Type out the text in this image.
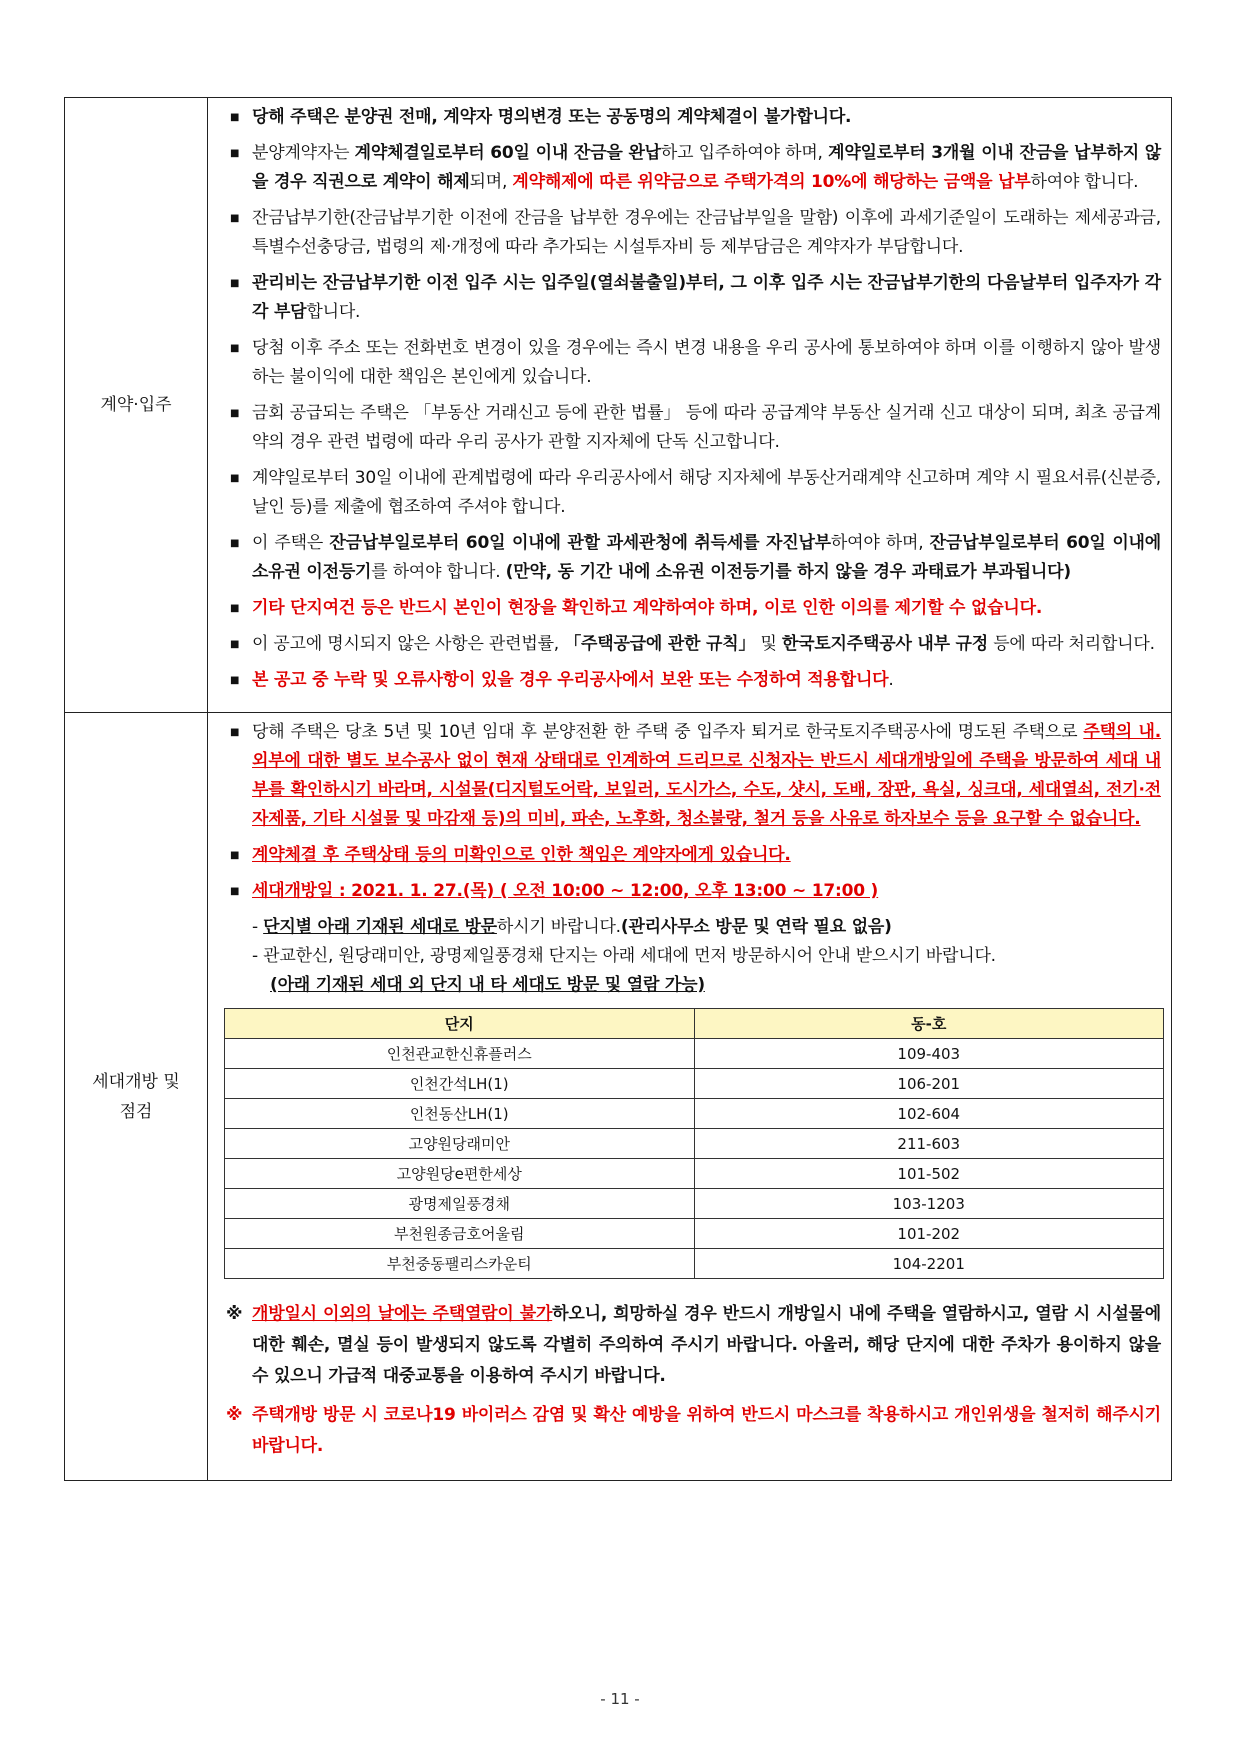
계약·입주	
■ 당해 주택은 분양권 전매, 계약자 명의변경 또는 공동명의 계약체결이 불가합니다.
■ 분양계약자는 계약체결일로부터 60일 이내 잔금을 완납하고 입주하여야 하며, 계약일로부터 3개월 이내 잔금을 납부하지 않을 경우 직권으로 계약이 해제되며, 계약해제에 따른 위약금으로 주택가격의 10%에 해당하는 금액을 납부하여야 합니다.
■ 잔금납부기한(잔금납부기한 이전에 잔금을 납부한 경우에는 잔금납부일을 말함) 이후에 과세기준일이 도래하는 제세공과금, 특별수선충당금, 법령의 제·개정에 따라 추가되는 시설투자비 등 제부담금은 계약자가 부담합니다.
■ 관리비는 잔금납부기한 이전 입주 시는 입주일(열쇠불출일)부터, 그 이후 입주 시는 잔금납부기한의 다음날부터 입주자가 각각 부담합니다.
■ 당첨 이후 주소 또는 전화번호 변경이 있을 경우에는 즉시 변경 내용을 우리 공사에 통보하여야 하며 이를 이행하지 않아 발생하는 불이익에 대한 책임은 본인에게 있습니다.
■ 금회 공급되는 주택은 「부동산 거래신고 등에 관한 법률」 등에 따라 공급계약 부동산 실거래 신고 대상이 되며, 최초 공급계약의 경우 관련 법령에 따라 우리 공사가 관할 지자체에 단독 신고합니다.
■ 계약일로부터 30일 이내에 관계법령에 따라 우리공사에서 해당 지자체에 부동산거래계약 신고하며 계약 시 필요서류(신분증, 날인 등)를 제출에 협조하여 주셔야 합니다.
■ 이 주택은 잔금납부일로부터 60일 이내에 관할 과세관청에 취득세를 자진납부하여야 하며, 잔금납부일로부터 60일 이내에 소유권 이전등기를 하여야 합니다. (만약, 동 기간 내에 소유권 이전등기를 하지 않을 경우 과태료가 부과됩니다)
■ 기타 단지여건 등은 반드시 본인이 현장을 확인하고 계약하여야 하며, 이로 인한 이의를 제기할 수 없습니다.
■ 이 공고에 명시되지 않은 사항은 관련법률, 「주택공급에 관한 규칙」 및 한국토지주택공사 내부 규정 등에 따라 처리합니다.
■ 본 공고 중 누락 및 오류사항이 있을 경우 우리공사에서 보완 또는 수정하여 적용합니다.

세대개방 및
점검

■ 당해 주택은 당초 5년 및 10년 임대 후 분양전환 한 주택 중 입주자 퇴거로 한국토지주택공사에 명도된 주택으로 주택의 내.외부에 대한 별도 보수공사 없이 현재 상태대로 인계하여 드리므로 신청자는 반드시 세대개방일에 주택을 방문하여 세대 내부를 확인하시기 바라며, 시설물(디지털도어락, 보일러, 도시가스, 수도, 샷시, 도배, 장판, 욕실, 싱크대, 세대열쇠, 전기·전자제품, 기타 시설물 및 마감재 등)의 미비, 파손, 노후화, 청소불량, 철거 등을 사유로 하자보수 등을 요구할 수 없습니다.
■ 계약체결 후 주택상태 등의 미확인으로 인한 책임은 계약자에게 있습니다.
■ 세대개방일 : 2021. 1. 27.(목) ( 오전 10:00 ~ 12:00, 오후 13:00 ~ 17:00 )

- 단지별 아래 기재된 세대로 방문하시기 바랍니다.(관리사무소 방문 및 연락 필요 없음)

- 관교한신, 원당래미안, 광명제일풍경채 단지는 아래 세대에 먼저 방문하시어 안내 받으시기 바랍니다.

(아래 기재된 세대 외 단지 내 타 세대도 방문 및 열람 가능)

단지	동-호
인천관교한신휴플러스	109-403
인천간석LH(1)	106-201
인천동산LH(1)	102-604
고양원당래미안	211-603
고양원당e편한세상	101-502
광명제일풍경채	103-1203
부천원종금호어울림	101-202
부천중동팰리스카운티	104-2201
※ 개방일시 이외의 날에는 주택열람이 불가하오니, 희망하실 경우 반드시 개방일시 내에 주택을 열람하시고, 열람 시 시설물에 대한 훼손, 멸실 등이 발생되지 않도록 각별히 주의하여 주시기 바랍니다. 아울러, 해당 단지에 대한 주차가 용이하지 않을 수 있으니 가급적 대중교통을 이용하여 주시기 바랍니다.
※ 주택개방 방문 시 코로나19 바이러스 감염 및 확산 예방을 위하여 반드시 마스크를 착용하시고 개인위생을 철저히 해주시기 바랍니다.
- 11 -
